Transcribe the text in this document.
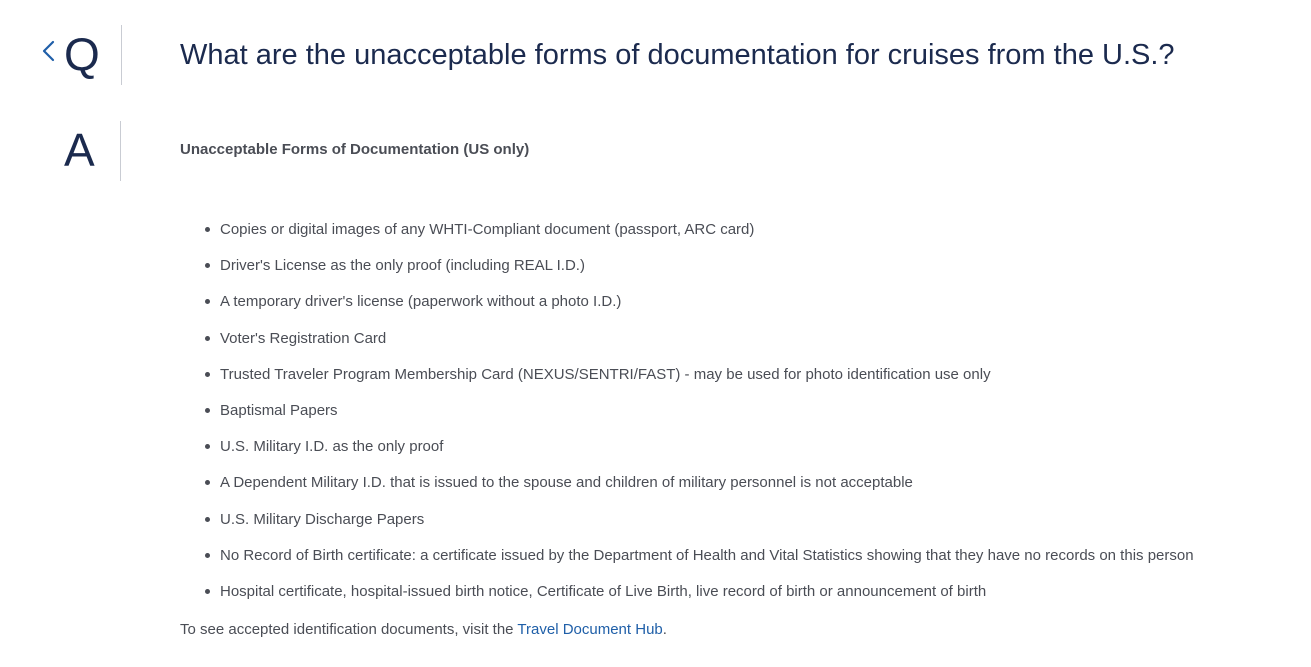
Q	What are the unacceptable forms of documentation for cruises from the U.S.?
A	Unacceptable Forms of Documentation (US only)
Copies or digital images of any WHTI-Compliant document (passport, ARC card)
Driver's License as the only proof (including REAL I.D.)
A temporary driver's license (paperwork without a photo I.D.)
Voter's Registration Card
Trusted Traveler Program Membership Card (NEXUS/SENTRI/FAST) - may be used for photo identification use only
Baptismal Papers
U.S. Military I.D. as the only proof
A Dependent Military I.D. that is issued to the spouse and children of military personnel is not acceptable
U.S. Military Discharge Papers
No Record of Birth certificate: a certificate issued by the Department of Health and Vital Statistics showing that they have no records on this person
Hospital certificate, hospital-issued birth notice, Certificate of Live Birth, live record of birth or announcement of birth
To see accepted identification documents, visit the Travel Document Hub.
